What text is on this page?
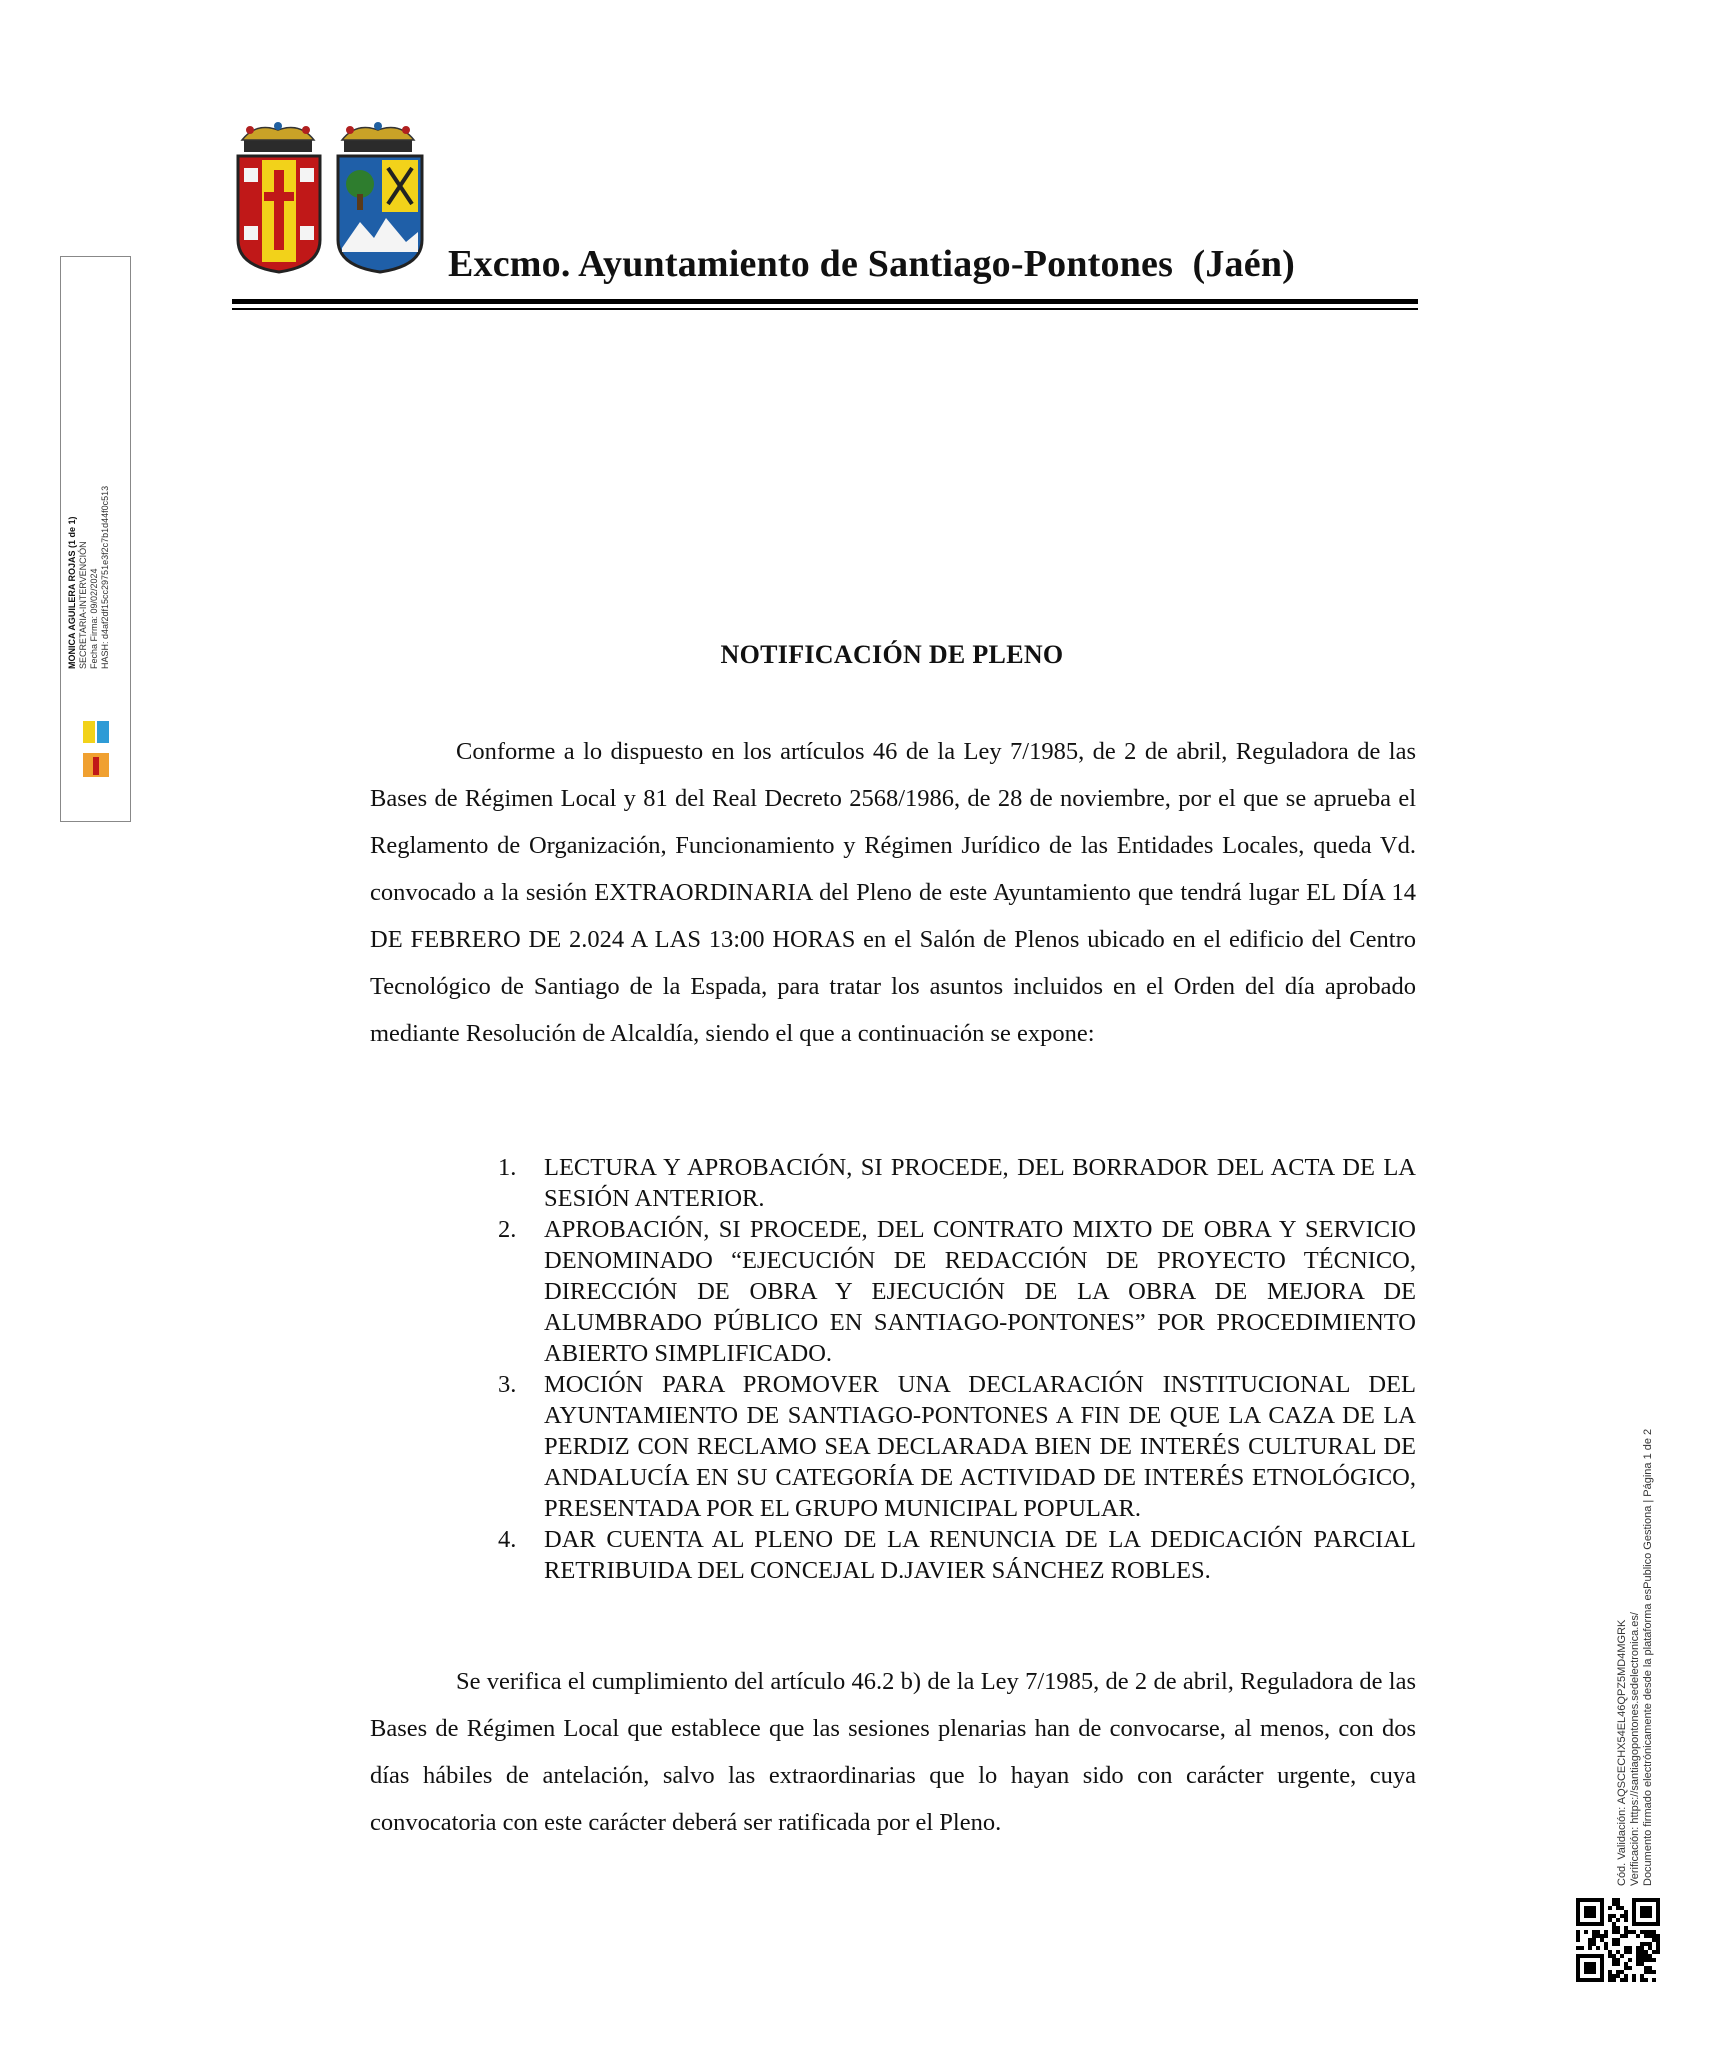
Excmo. Ayuntamiento de Santiago-Pontones  (Jaén)
MONICA AGUILERA ROJAS (1 de 1) SECRETARIA-INTERVENCIÓN Fecha Firma: 09/02/2024 HASH: d4af2df15cc29751e3f2c7b1d44f0c513
Cód. Validación: AQSCECHX54EL46QPZ5MD4MGRK Verificación: https://santiagopontones.sedelectronica.es/ Documento firmado electrónicamente desde la plataforma esPublico Gestiona | Página 1 de 2
NOTIFICACIÓN DE PLENO
Conforme a lo dispuesto en los artículos 46 de la Ley 7/1985, de 2 de abril, Reguladora de las Bases de Régimen Local y 81 del Real Decreto 2568/1986, de 28 de noviembre, por el que se aprueba el Reglamento de Organización, Funcionamiento y Régimen Jurídico de las Entidades Locales, queda Vd. convocado a la sesión EXTRAORDINARIA del Pleno de este Ayuntamiento que tendrá lugar EL DÍA 14 DE FEBRERO DE 2.024 A LAS 13:00 HORAS en el Salón de Plenos ubicado en el edificio del Centro Tecnológico de Santiago de la Espada, para tratar los asuntos incluidos en el Orden del día aprobado mediante Resolución de Alcaldía, siendo el que a continuación se expone:
1. LECTURA Y APROBACIÓN, SI PROCEDE, DEL BORRADOR DEL ACTA DE LA SESIÓN ANTERIOR.
2. APROBACIÓN, SI PROCEDE, DEL CONTRATO MIXTO DE OBRA Y SERVICIO DENOMINADO “EJECUCIÓN DE REDACCIÓN DE PROYECTO TÉCNICO, DIRECCIÓN DE OBRA Y EJECUCIÓN DE LA OBRA DE MEJORA DE ALUMBRADO PÚBLICO EN SANTIAGO-PONTONES” POR PROCEDIMIENTO ABIERTO SIMPLIFICADO.
3. MOCIÓN PARA PROMOVER UNA DECLARACIÓN INSTITUCIONAL DEL AYUNTAMIENTO DE SANTIAGO-PONTONES A FIN DE QUE LA CAZA DE LA PERDIZ CON RECLAMO SEA DECLARADA BIEN DE INTERÉS CULTURAL DE ANDALUCÍA EN SU CATEGORÍA DE ACTIVIDAD DE INTERÉS ETNOLÓGICO, PRESENTADA POR EL GRUPO MUNICIPAL POPULAR.
4. DAR CUENTA AL PLENO DE LA RENUNCIA DE LA DEDICACIÓN PARCIAL RETRIBUIDA DEL CONCEJAL D.JAVIER SÁNCHEZ ROBLES.
Se verifica el cumplimiento del artículo 46.2 b) de la Ley 7/1985, de 2 de abril, Reguladora de las Bases de Régimen Local que establece que las sesiones plenarias han de convocarse, al menos, con dos días hábiles de antelación, salvo las extraordinarias que lo hayan sido con carácter urgente, cuya convocatoria con este carácter deberá ser ratificada por el Pleno.
